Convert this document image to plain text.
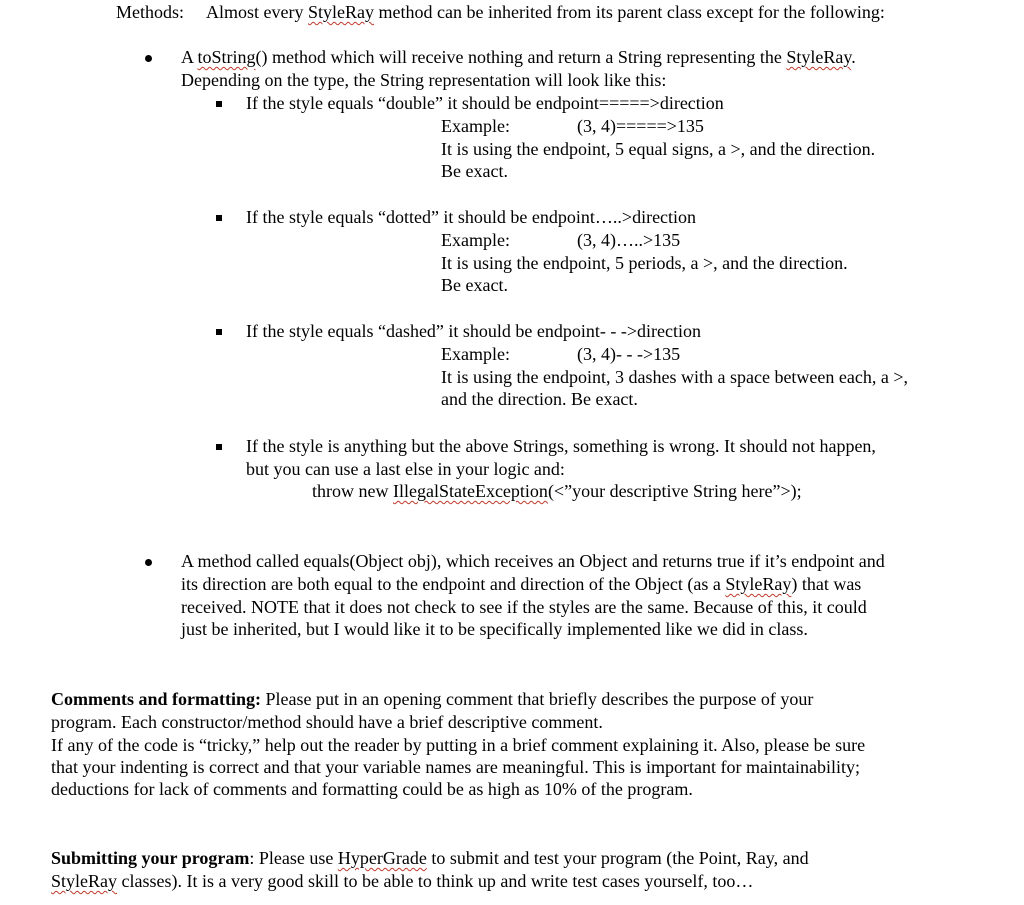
Methods: Almost every StyleRay method can be inherited from its parent class except for the following:
A toString() method which will receive nothing and return a String representing the StyleRay.
Depending on the type, the String representation will look like this:
If the style equals “double” it should be endpoint=====>direction
Example:	(3, 4)=====>135
It is using the endpoint, 5 equal signs, a >, and the direction.
Be exact.
If the style equals “dotted” it should be endpoint…..>direction
Example:	(3, 4)…..>135
It is using the endpoint, 5 periods, a >, and the direction.
Be exact.
If the style equals “dashed” it should be endpoint- - ->direction
Example:	(3, 4)- - ->135
It is using the endpoint, 3 dashes with a space between each, a >,
and the direction. Be exact.
If the style is anything but the above Strings, something is wrong. It should not happen,
but you can use a last else in your logic and:
throw new IllegalStateException(<”your descriptive String here”>);
A method called equals(Object obj), which receives an Object and returns true if it’s endpoint and
its direction are both equal to the endpoint and direction of the Object (as a StyleRay) that was
received. NOTE that it does not check to see if the styles are the same. Because of this, it could
just be inherited, but I would like it to be specifically implemented like we did in class.
Comments and formatting: Please put in an opening comment that briefly describes the purpose of your
program. Each constructor/method should have a brief descriptive comment.
If any of the code is “tricky,” help out the reader by putting in a brief comment explaining it. Also, please be sure
that your indenting is correct and that your variable names are meaningful. This is important for maintainability;
deductions for lack of comments and formatting could be as high as 10% of the program.
Submitting your program: Please use HyperGrade to submit and test your program (the Point, Ray, and
StyleRay classes). It is a very good skill to be able to think up and write test cases yourself, too…
